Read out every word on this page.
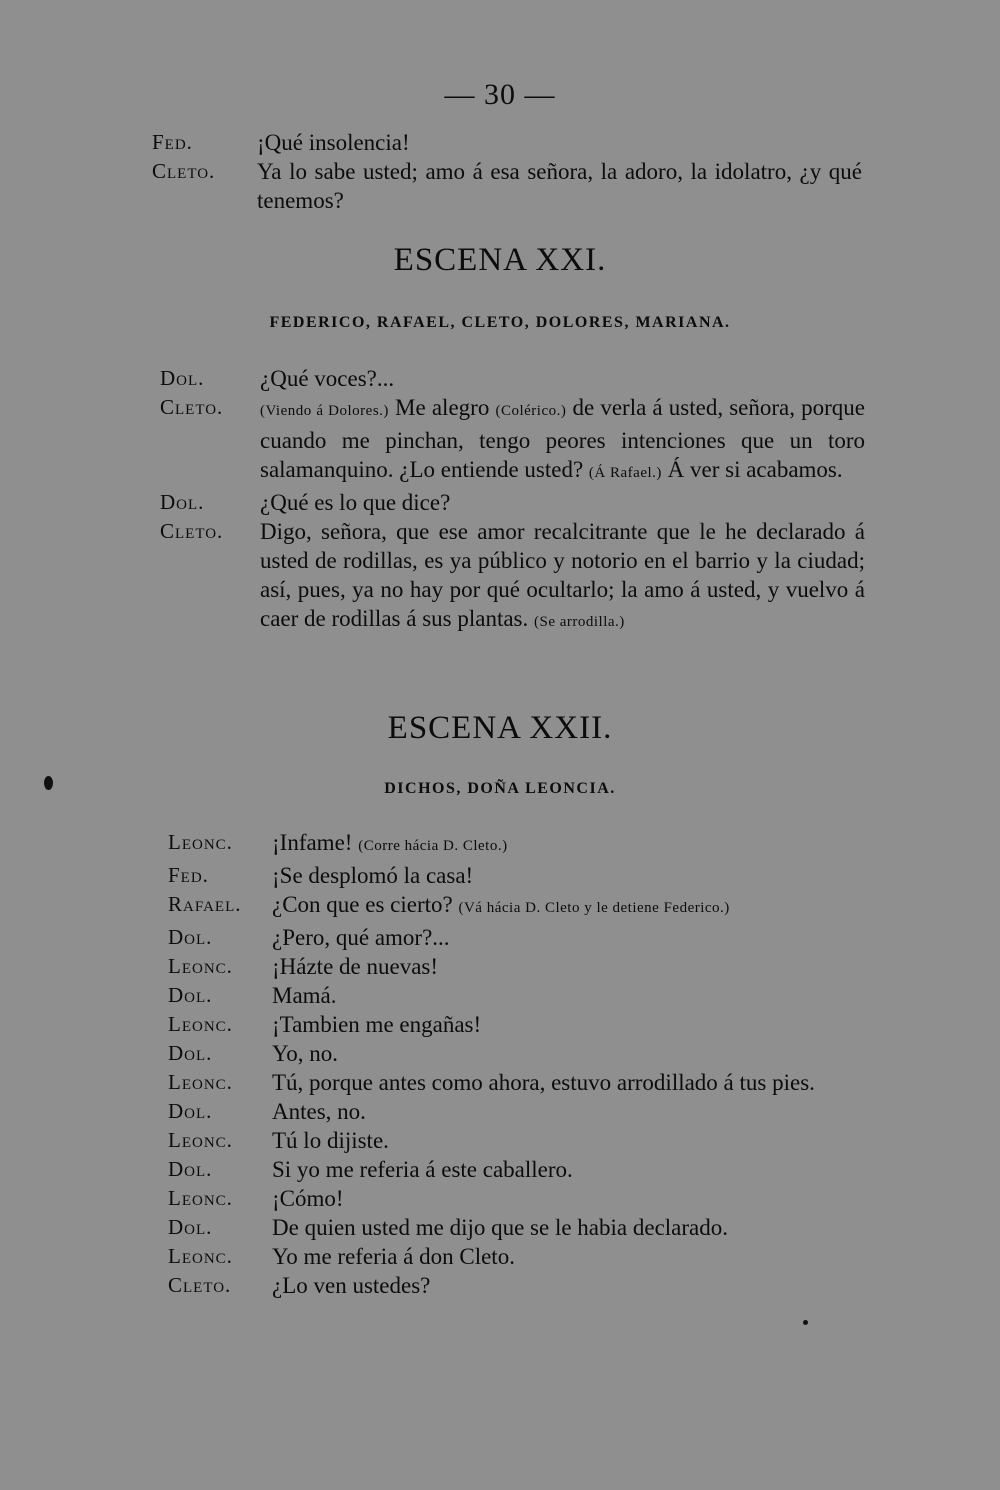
— 30 —
Fed.	¡Qué insolencia!
Cleto.	Ya lo sabe usted; amo á esa señora, la adoro, la idolatro, ¿y qué tenemos?
ESCENA XXI.
FEDERICO, RAFAEL, CLETO, DOLORES, MARIANA.
Dol.	¿Qué voces?...
Cleto.	(Viendo á Dolores.) Me alegro (Colérico.) de verla á usted, señora, porque cuando me pinchan, tengo peores intenciones que un toro salamanquino. ¿Lo entiende usted? (Á Rafael.) Á ver si acabamos.
Dol.	¿Qué es lo que dice?
Cleto.	Digo, señora, que ese amor recalcitrante que le he declarado á usted de rodillas, es ya público y notorio en el barrio y la ciudad; así, pues, ya no hay por qué ocultarlo; la amo á usted, y vuelvo á caer de rodillas á sus plantas. (Se arrodilla.)
ESCENA XXII.
DICHOS, DOÑA LEONCIA.
Leonc.	¡Infame! (Corre hácia D. Cleto.)
Fed.	¡Se desplomó la casa!
Rafael.	¿Con que es cierto? (Vá hácia D. Cleto y le detiene Federico.)
Dol.	¿Pero, qué amor?...
Leonc.	¡Házte de nuevas!
Dol.	Mamá.
Leonc.	¡Tambien me engañas!
Dol.	Yo, no.
Leonc.	Tú, porque antes como ahora, estuvo arrodillado á tus pies.
Dol.	Antes, no.
Leonc.	Tú lo dijiste.
Dol.	Si yo me referia á este caballero.
Leonc.	¡Cómo!
Dol.	De quien usted me dijo que se le habia declarado.
Leonc.	Yo me referia á don Cleto.
Cleto.	¿Lo ven ustedes?
